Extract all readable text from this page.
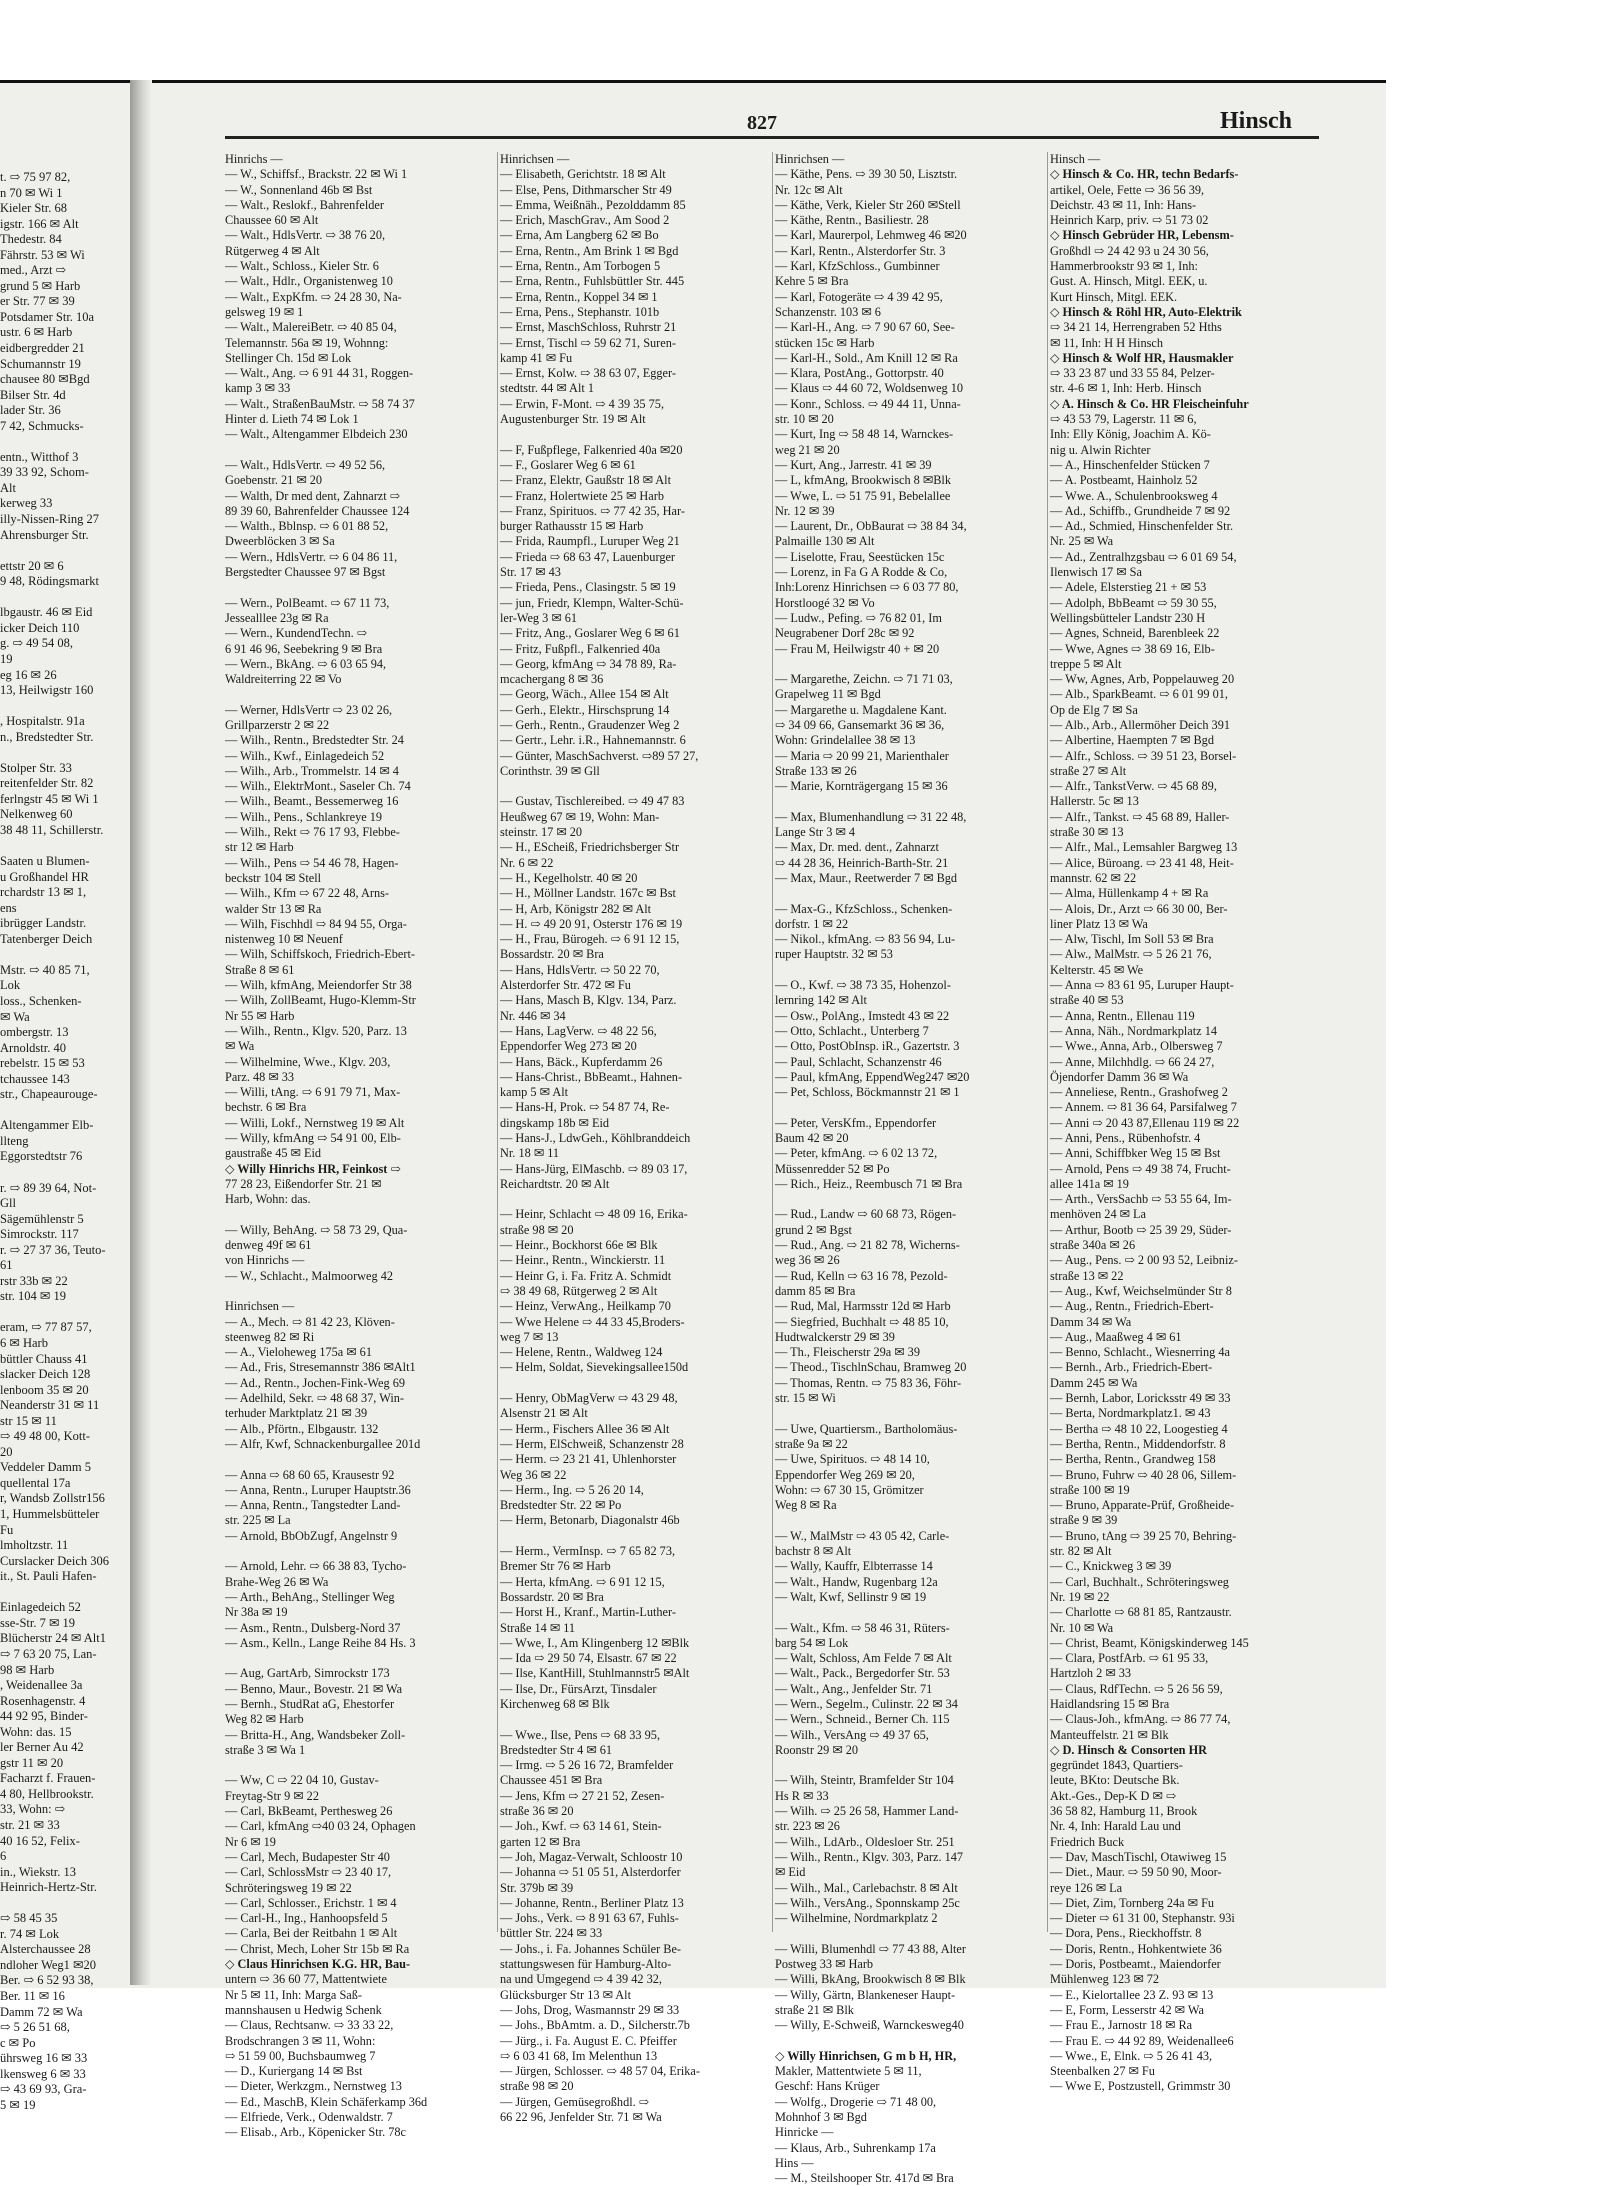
t. ⇨ 75 97 82,
n 70 ✉ Wi 1
Kieler Str. 68
igstr. 166 ✉ Alt
Thedestr. 84
Fährstr. 53 ✉ Wi
med., Arzt ⇨
grund 5 ✉ Harb
er Str. 77 ✉ 39
Potsdamer Str. 10a
ustr. 6 ✉ Harb
eidbergredder 21
Schumannstr 19
chausee 80 ✉Bgd
Bilser Str. 4d
lader Str. 36
7 42, Schmucks-

entn., Witthof 3
39 33 92, Schom-
Alt
kerweg 33
illy-Nissen-Ring 27
Ahrensburger Str.

ettstr 20 ✉ 6
9 48, Rödingsmarkt

lbgaustr. 46 ✉ Eid
icker Deich 110
g. ⇨ 49 54 08,
19
eg 16 ✉ 26
13, Heilwigstr 160

, Hospitalstr. 91a
n., Bredstedter Str.

Stolper Str. 33
reitenfelder Str. 82
ferlngstr 45 ✉ Wi 1
Nelkenweg 60
38 48 11, Schillerstr.

Saaten u Blumen-
u Großhandel HR
rchardstr 13 ✉ 1,
ens
ibrügger Landstr.
Tatenberger Deich

Mstr. ⇨ 40 85 71,
Lok
loss., Schenken-
✉ Wa
ombergstr. 13
Arnoldstr. 40
rebelstr. 15 ✉ 53
tchaussee 143
str., Chapeaurouge-

Altengammer Elb-
llteng
Eggorstedtstr 76

r. ⇨ 89 39 64, Not-
Gll
Sägemühlenstr 5
Simrockstr. 117
r. ⇨ 27 37 36, Teuto-
61
rstr 33b ✉ 22
str. 104 ✉ 19

eram, ⇨ 77 87 57,
6 ✉ Harb
büttler Chauss 41
slacker Deich 128
lenboom 35 ✉ 20
Neanderstr 31 ✉ 11
str 15 ✉ 11
⇨ 49 48 00, Kott-
20
Veddeler Damm 5
quellental 17a
r, Wandsb Zollstr156
1, Hummelsbütteler
Fu
lmholtzstr. 11
Curslacker Deich 306
it., St. Pauli Hafen-

Einlagedeich 52
sse-Str. 7 ✉ 19
Blücherstr 24 ✉ Alt1
⇨ 7 63 20 75, Lan-
98 ✉ Harb
, Weidenallee 3a
Rosenhagenstr. 4
44 92 95, Binder-
Wohn: das. 15
ler Berner Au 42
gstr 11 ✉ 20
Facharzt f. Frauen-
4 80, Hellbrookstr.
33, Wohn: ⇨
str. 21 ✉ 33
40 16 52, Felix-
6
in., Wiekstr. 13
Heinrich-Hertz-Str.

⇨ 58 45 35
r. 74 ✉ Lok
Alsterchaussee 28
ndloher Weg1 ✉20
Ber. ⇨ 6 52 93 38,
Ber. 11 ✉ 16
Damm 72 ✉ Wa
⇨ 5 26 51 68,
c ✉ Po
ührsweg 16 ✉ 33
lkensweg 6 ✉ 33
⇨ 43 69 93, Gra-
5 ✉ 19
827	Hinsch
Hinrichs —
— W., Schiffsf., Brackstr. 22 ✉ Wi 1
— W., Sonnenland 46b ✉ Bst
— Walt., Reslokf., Bahrenfelder
Chaussee 60 ✉ Alt
— Walt., HdlsVertr. ⇨ 38 76 20,
Rütgerweg 4 ✉ Alt
— Walt., Schloss., Kieler Str. 6
— Walt., Hdlr., Organistenweg 10
— Walt., ExpKfm. ⇨ 24 28 30, Na-
gelsweg 19 ✉ 1
— Walt., MalereiBetr. ⇨ 40 85 04,
Telemannstr. 56a ✉ 19, Wohnng:
Stellinger Ch. 15d ✉ Lok
— Walt., Ang. ⇨ 6 91 44 31, Roggen-
kamp 3 ✉ 33
— Walt., StraßenBauMstr. ⇨ 58 74 37
Hinter d. Lieth 74 ✉ Lok 1
— Walt., Altengammer Elbdeich 230

— Walt., HdlsVertr. ⇨ 49 52 56,
Goebenstr. 21 ✉ 20
— Walth, Dr med dent, Zahnarzt ⇨
89 39 60, Bahrenfelder Chaussee 124
— Walth., Bblnsp. ⇨ 6 01 88 52,
Dweerblöcken 3 ✉ Sa
— Wern., HdlsVertr. ⇨ 6 04 86 11,
Bergstedter Chaussee 97 ✉ Bgst

— Wern., PolBeamt. ⇨ 67 11 73,
Jessealllee 23g ✉ Ra
— Wern., KundendTechn. ⇨
6 91 46 96, Seebekring 9 ✉ Bra
— Wern., BkAng. ⇨ 6 03 65 94,
Waldreiterring 22 ✉ Vo

— Werner, HdlsVertr ⇨ 23 02 26,
Grillparzerstr 2 ✉ 22
— Wilh., Rentn., Bredstedter Str. 24
— Wilh., Kwf., Einlagedeich 52
— Wilh., Arb., Trommelstr. 14 ✉ 4
— Wilh., ElektrMont., Saseler Ch. 74
— Wilh., Beamt., Bessemerweg 16
— Wilh., Pens., Schlankreye 19
— Wilh., Rekt ⇨ 76 17 93, Flebbe-
str 12 ✉ Harb
— Wilh., Pens ⇨ 54 46 78, Hagen-
beckstr 104 ✉ Stell
— Wilh., Kfm ⇨ 67 22 48, Arns-
walder Str 13 ✉ Ra
— Wilh, Fischhdl ⇨ 84 94 55, Orga-
nistenweg 10 ✉ Neuenf
— Wilh, Schiffskoch, Friedrich-Ebert-
Straße 8 ✉ 61
— Wilh, kfmAng, Meiendorfer Str 38
— Wilh, ZollBeamt, Hugo-Klemm-Str
Nr 55 ✉ Harb
— Wilh., Rentn., Klgv. 520, Parz. 13
✉ Wa
— Wilhelmine, Wwe., Klgv. 203,
Parz. 48 ✉ 33
— Willi, tAng. ⇨ 6 91 79 71, Max-
bechstr. 6 ✉ Bra
— Willi, Lokf., Nernstweg 19 ✉ Alt
— Willy, kfmAng ⇨ 54 91 00, Elb-
gaustraße 45 ✉ Eid
◇ Willy Hinrichs HR, Feinkost ⇨
77 28 23, Eißendorfer Str. 21 ✉
Harb, Wohn: das.

— Willy, BehAng. ⇨ 58 73 29, Qua-
denweg 49f ✉ 61
von Hinrichs —
— W., Schlacht., Malmoorweg 42

Hinrichsen —
— A., Mech. ⇨ 81 42 23, Klöven-
steenweg 82 ✉ Ri
— A., Vieloheweg 175a ✉ 61
— Ad., Fris, Stresemannstr 386 ✉Alt1
— Ad., Rentn., Jochen-Fink-Weg 69
— Adelhild, Sekr. ⇨ 48 68 37, Win-
terhuder Marktplatz 21 ✉ 39
— Alb., Pförtn., Elbgaustr. 132
— Alfr, Kwf, Schnackenburgallee 201d

— Anna ⇨ 68 60 65, Krausestr 92
— Anna, Rentn., Luruper Hauptstr.36
— Anna, Rentn., Tangstedter Land-
str. 225 ✉ La
— Arnold, BbObZugf, Angelnstr 9

— Arnold, Lehr. ⇨ 66 38 83, Tycho-
Brahe-Weg 26 ✉ Wa
— Arth., BehAng., Stellinger Weg
Nr 38a ✉ 19
— Asm., Rentn., Dulsberg-Nord 37
— Asm., Kelln., Lange Reihe 84 Hs. 3

— Aug, GartArb, Simrockstr 173
— Benno, Maur., Bovestr. 21 ✉ Wa
— Bernh., StudRat aG, Ehestorfer
Weg 82 ✉ Harb
— Britta-H., Ang, Wandsbeker Zoll-
straße 3 ✉ Wa 1

— Ww, C ⇨ 22 04 10, Gustav-
Freytag-Str 9 ✉ 22
— Carl, BkBeamt, Perthesweg 26
— Carl, kfmAng ⇨40 03 24, Ophagen
Nr 6 ✉ 19
— Carl, Mech, Budapester Str 40
— Carl, SchlossMstr ⇨ 23 40 17,
Schröteringsweg 19 ✉ 22
— Carl, Schlosser., Erichstr. 1 ✉ 4
— Carl-H., Ing., Hanhoopsfeld 5
— Carla, Bei der Reitbahn 1 ✉ Alt
— Christ, Mech, Loher Str 15b ✉ Ra
◇ Claus Hinrichsen K.G. HR, Bau-
untern ⇨ 36 60 77, Mattentwiete
Nr 5 ✉ 11, Inh: Marga Saß-
mannshausen u Hedwig Schenk
— Claus, Rechtsanw. ⇨ 33 33 22,
Brodschrangen 3 ✉ 11, Wohn:
⇨ 51 59 00, Buchsbaumweg 7
— D., Kuriergang 14 ✉ Bst
— Dieter, Werkzgm., Nernstweg 13
— Ed., MaschB, Klein Schäferkamp 36d
— Elfriede, Verk., Odenwaldstr. 7
— Elisab., Arb., Köpenicker Str. 78c
Hinrichsen —
— Elisabeth, Gerichtstr. 18 ✉ Alt
— Else, Pens, Dithmarscher Str 49
— Emma, Weißnäh., Pezolddamm 85
— Erich, MaschGrav., Am Sood 2
— Erna, Am Langberg 62 ✉ Bo
— Erna, Rentn., Am Brink 1 ✉ Bgd
— Erna, Rentn., Am Torbogen 5
— Erna, Rentn., Fuhlsbüttler Str. 445
— Erna, Rentn., Koppel 34 ✉ 1
— Erna, Pens., Stephanstr. 101b
— Ernst, MaschSchloss, Ruhrstr 21
— Ernst, Tischl ⇨ 59 62 71, Suren-
kamp 41 ✉ Fu
— Ernst, Kolw. ⇨ 38 63 07, Egger-
stedtstr. 44 ✉ Alt 1
— Erwin, F-Mont. ⇨ 4 39 35 75,
Augustenburger Str. 19 ✉ Alt

— F, Fußpflege, Falkenried 40a ✉20
— F., Goslarer Weg 6 ✉ 61
— Franz, Elektr, Gaußstr 18 ✉ Alt
— Franz, Holertwiete 25 ✉ Harb
— Franz, Spirituos. ⇨ 77 42 35, Har-
burger Rathausstr 15 ✉ Harb
— Frida, Raumpfl., Luruper Weg 21
— Frieda ⇨ 68 63 47, Lauenburger
Str. 17 ✉ 43
— Frieda, Pens., Clasingstr. 5 ✉ 19
— jun, Friedr, Klempn, Walter-Schü-
ler-Weg 3 ✉ 61
— Fritz, Ang., Goslarer Weg 6 ✉ 61
— Fritz, Fußpfl., Falkenried 40a
— Georg, kfmAng ⇨ 34 78 89, Ra-
mcachergang 8 ✉ 36
— Georg, Wäch., Allee 154 ✉ Alt
— Gerh., Elektr., Hirschsprung 14
— Gerh., Rentn., Graudenzer Weg 2
— Gertr., Lehr. i.R., Hahnemannstr. 6
— Günter, MaschSachverst. ⇨89 57 27,
Corinthstr. 39 ✉ Gll

— Gustav, Tischlereibed. ⇨ 49 47 83
Heußweg 67 ✉ 19, Wohn: Man-
steinstr. 17 ✉ 20
— H., EScheiß, Friedrichsberger Str
Nr. 6 ✉ 22
— H., Kegelholstr. 40 ✉ 20
— H., Möllner Landstr. 167c ✉ Bst
— H, Arb, Königstr 282 ✉ Alt
— H. ⇨ 49 20 91, Osterstr 176 ✉ 19
— H., Frau, Bürogeh. ⇨ 6 91 12 15,
Bossardstr. 20 ✉ Bra
— Hans, HdlsVertr. ⇨ 50 22 70,
Alsterdorfer Str. 472 ✉ Fu
— Hans, Masch B, Klgv. 134, Parz.
Nr. 446 ✉ 34
— Hans, LagVerw. ⇨ 48 22 56,
Eppendorfer Weg 273 ✉ 20
— Hans, Bäck., Kupferdamm 26
— Hans-Christ., BbBeamt., Hahnen-
kamp 5 ✉ Alt
— Hans-H, Prok. ⇨ 54 87 74, Re-
dingskamp 18b ✉ Eid
— Hans-J., LdwGeh., Köhlbranddeich
Nr. 18 ✉ 11
— Hans-Jürg, ElMaschb. ⇨ 89 03 17,
Reichardtstr. 20 ✉ Alt

— Heinr, Schlacht ⇨ 48 09 16, Erika-
straße 98 ✉ 20
— Heinr., Bockhorst 66e ✉ Blk
— Heinr., Rentn., Winckierstr. 11
— Heinr G, i. Fa. Fritz A. Schmidt
⇨ 38 49 68, Rütgerweg 2 ✉ Alt
— Heinz, VerwAng., Heilkamp 70
— Wwe Helene ⇨ 44 33 45,Broders-
weg 7 ✉ 13
— Helene, Rentn., Waldweg 124
— Helm, Soldat, Sievekingsallee150d

— Henry, ObMagVerw ⇨ 43 29 48,
Alsenstr 21 ✉ Alt
— Herm., Fischers Allee 36 ✉ Alt
— Herm, ElSchweiß, Schanzenstr 28
— Herm. ⇨ 23 21 41, Uhlenhorster
Weg 36 ✉ 22
— Herm., Ing. ⇨ 5 26 20 14,
Bredstedter Str. 22 ✉ Po
— Herm, Betonarb, Diagonalstr 46b

— Herm., VermInsp. ⇨ 7 65 82 73,
Bremer Str 76 ✉ Harb
— Herta, kfmAng. ⇨ 6 91 12 15,
Bossardstr. 20 ✉ Bra
— Horst H., Kranf., Martin-Luther-
Straße 14 ✉ 11
— Wwe, I., Am Klingenberg 12 ✉Blk
— Ida ⇨ 29 50 74, Elsastr. 67 ✉ 22
— Ilse, KantHill, Stuhlmannstr5 ✉Alt
— Ilse, Dr., FürsArzt, Tinsdaler
Kirchenweg 68 ✉ Blk

— Wwe., Ilse, Pens ⇨ 68 33 95,
Bredstedter Str 4 ✉ 61
— Irmg. ⇨ 5 26 16 72, Bramfelder
Chaussee 451 ✉ Bra
— Jens, Kfm ⇨ 27 21 52, Zesen-
straße 36 ✉ 20
— Joh., Kwf. ⇨ 63 14 61, Stein-
garten 12 ✉ Bra
— Joh, Magaz-Verwalt, Schloostr 10
— Johanna ⇨ 51 05 51, Alsterdorfer
Str. 379b ✉ 39
— Johanne, Rentn., Berliner Platz 13
— Johs., Verk. ⇨ 8 91 63 67, Fuhls-
büttler Str. 224 ✉ 33
— Johs., i. Fa. Johannes Schüler Be-
stattungswesen für Hamburg-Alto-
na und Umgegend ⇨ 4 39 42 32,
Glücksburger Str 13 ✉ Alt
— Johs, Drog, Wasmannstr 29 ✉ 33
— Johs., BbAmtm. a. D., Silcherstr.7b
— Jürg., i. Fa. August E. C. Pfeiffer
⇨ 6 03 41 68, Im Melenthun 13
— Jürgen, Schlosser. ⇨ 48 57 04, Erika-
straße 98 ✉ 20
— Jürgen, Gemüsegroßhdl. ⇨
66 22 96, Jenfelder Str. 71 ✉ Wa
Hinrichsen —
— Käthe, Pens. ⇨ 39 30 50, Lisztstr.
Nr. 12c ✉ Alt
— Käthe, Verk, Kieler Str 260 ✉Stell
— Käthe, Rentn., Basiliestr. 28
— Karl, Maurerpol, Lehmweg 46 ✉20
— Karl, Rentn., Alsterdorfer Str. 3
— Karl, KfzSchloss., Gumbinner
Kehre 5 ✉ Bra
— Karl, Fotogeräte ⇨ 4 39 42 95,
Schanzenstr. 103 ✉ 6
— Karl-H., Ang. ⇨ 7 90 67 60, See-
stücken 15c ✉ Harb
— Karl-H., Sold., Am Knill 12 ✉ Ra
— Klara, PostAng., Gottorpstr. 40
— Klaus ⇨ 44 60 72, Woldsenweg 10
— Konr., Schloss. ⇨ 49 44 11, Unna-
str. 10 ✉ 20
— Kurt, Ing ⇨ 58 48 14, Warnckes-
weg 21 ✉ 20
— Kurt, Ang., Jarrestr. 41 ✉ 39
— L, kfmAng, Brookwisch 8 ✉Blk
— Wwe, L. ⇨ 51 75 91, Bebelallee
Nr. 12 ✉ 39
— Laurent, Dr., ObBaurat ⇨ 38 84 34,
Palmaille 130 ✉ Alt
— Liselotte, Frau, Seestücken 15c
— Lorenz, in Fa G A Rodde & Co,
Inh:Lorenz Hinrichsen ⇨ 6 03 77 80,
Horstloogé 32 ✉ Vo
— Ludw., Pefing. ⇨ 76 82 01, Im
Neugrabener Dorf 28c ✉ 92
— Frau M, Heilwigstr 40 + ✉ 20

— Margarethe, Zeichn. ⇨ 71 71 03,
Grapelweg 11 ✉ Bgd
— Margarethe u. Magdalene Kant.
⇨ 34 09 66, Gansemarkt 36 ✉ 36,
Wohn: Grindelallee 38 ✉ 13
— Maria ⇨ 20 99 21, Marienthaler
Straße 133 ✉ 26
— Marie, Kornträgergang 15 ✉ 36

— Max, Blumenhandlung ⇨ 31 22 48,
Lange Str 3 ✉ 4
— Max, Dr. med. dent., Zahnarzt
⇨ 44 28 36, Heinrich-Barth-Str. 21
— Max, Maur., Reetwerder 7 ✉ Bgd

— Max-G., KfzSchloss., Schenken-
dorfstr. 1 ✉ 22
— Nikol., kfmAng. ⇨ 83 56 94, Lu-
ruper Hauptstr. 32 ✉ 53

— O., Kwf. ⇨ 38 73 35, Hohenzol-
lernring 142 ✉ Alt
— Osw., PolAng., Imstedt 43 ✉ 22
— Otto, Schlacht., Unterberg 7
— Otto, PostObInsp. iR., Gazertstr. 3
— Paul, Schlacht, Schanzenstr 46
— Paul, kfmAng, EppendWeg247 ✉20
— Pet, Schloss, Böckmannstr 21 ✉ 1

— Peter, VersKfm., Eppendorfer
Baum 42 ✉ 20
— Peter, kfmAng. ⇨ 6 02 13 72,
Müssenredder 52 ✉ Po
— Rich., Heiz., Reembusch 71 ✉ Bra

— Rud., Landw ⇨ 60 68 73, Rögen-
grund 2 ✉ Bgst
— Rud., Ang. ⇨ 21 82 78, Wicherns-
weg 36 ✉ 26
— Rud, Kelln ⇨ 63 16 78, Pezold-
damm 85 ✉ Bra
— Rud, Mal, Harmsstr 12d ✉ Harb
— Siegfried, Buchhalt ⇨ 48 85 10,
Hudtwalckerstr 29 ✉ 39
— Th., Fleischerstr 29a ✉ 39
— Theod., TischlnSchau, Bramweg 20
— Thomas, Rentn. ⇨ 75 83 36, Föhr-
str. 15 ✉ Wi

— Uwe, Quartiersm., Bartholomäus-
straße 9a ✉ 22
— Uwe, Spirituos. ⇨ 48 14 10,
Eppendorfer Weg 269 ✉ 20,
Wohn: ⇨ 67 30 15, Grömitzer
Weg 8 ✉ Ra

— W., MalMstr ⇨ 43 05 42, Carle-
bachstr 8 ✉ Alt
— Wally, Kauffr, Elbterrasse 14
— Walt., Handw, Rugenbarg 12a
— Walt, Kwf, Sellinstr 9 ✉ 19

— Walt., Kfm. ⇨ 58 46 31, Rüters-
barg 54 ✉ Lok
— Walt, Schloss, Am Felde 7 ✉ Alt
— Walt., Pack., Bergedorfer Str. 53
— Walt., Ang., Jenfelder Str. 71
— Wern., Segelm., Culinstr. 22 ✉ 34
— Wern., Schneid., Berner Ch. 115
— Wilh., VersAng ⇨ 49 37 65,
Roonstr 29 ✉ 20

— Wilh, Steintr, Bramfelder Str 104
Hs R ✉ 33
— Wilh. ⇨ 25 26 58, Hammer Land-
str. 223 ✉ 26
— Wilh., LdArb., Oldesloer Str. 251
— Wilh., Rentn., Klgv. 303, Parz. 147
✉ Eid
— Wilh., Mal., Carlebachstr. 8 ✉ Alt
— Wilh., VersAng., Sponnskamp 25c
— Wilhelmine, Nordmarkplatz 2

— Willi, Blumenhdl ⇨ 77 43 88, Alter
Postweg 33 ✉ Harb
— Willi, BkAng, Brookwisch 8 ✉ Blk
— Willy, Gärtn, Blankeneser Haupt-
straße 21 ✉ Blk
— Willy, E-Schweiß, Warnckesweg40

◇ Willy Hinrichsen, G m b H, HR,
Makler, Mattentwiete 5 ✉ 11,
Geschf: Hans Krüger
— Wolfg., Drogerie ⇨ 71 48 00,
Mohnhof 3 ✉ Bgd
Hinricke —
— Klaus, Arb., Suhrenkamp 17a
Hins —
— M., Steilshooper Str. 417d ✉ Bra
Hinsch —
◇ Hinsch & Co. HR, techn Bedarfs-
artikel, Oele, Fette ⇨ 36 56 39,
Deichstr. 43 ✉ 11, Inh: Hans-
Heinrich Karp, priv. ⇨ 51 73 02
◇ Hinsch Gebrüder HR, Lebensm-
Großhdl ⇨ 24 42 93 u 24 30 56,
Hammerbrookstr 93 ✉ 1, Inh:
Gust. A. Hinsch, Mitgl. EEK, u.
Kurt Hinsch, Mitgl. EEK.
◇ Hinsch & Röhl HR, Auto-Elektrik
⇨ 34 21 14, Herrengraben 52 Hths
✉ 11, Inh: H H Hinsch
◇ Hinsch & Wolf HR, Hausmakler
⇨ 33 23 87 und 33 55 84, Pelzer-
str. 4-6 ✉ 1, Inh: Herb. Hinsch
◇ A. Hinsch & Co. HR Fleischeinfuhr
⇨ 43 53 79, Lagerstr. 11 ✉ 6,
Inh: Elly König, Joachim A. Kö-
nig u. Alwin Richter
— A., Hinschenfelder Stücken 7
— A. Postbeamt, Hainholz 52
— Wwe. A., Schulenbrooksweg 4
— Ad., Schiffb., Grundheide 7 ✉ 92
— Ad., Schmied, Hinschenfelder Str.
Nr. 25 ✉ Wa
— Ad., Zentralhzgsbau ⇨ 6 01 69 54,
Ilenwisch 17 ✉ Sa
— Adele, Elsterstieg 21 + ✉ 53
— Adolph, BbBeamt ⇨ 59 30 55,
Wellingsbütteler Landstr 230 H
— Agnes, Schneid, Barenbleek 22
— Wwe, Agnes ⇨ 38 69 16, Elb-
treppe 5 ✉ Alt
— Ww, Agnes, Arb, Poppelauweg 20
— Alb., SparkBeamt. ⇨ 6 01 99 01,
Op de Elg 7 ✉ Sa
— Alb., Arb., Allermöher Deich 391
— Albertine, Haempten 7 ✉ Bgd
— Alfr., Schloss. ⇨ 39 51 23, Borsel-
straße 27 ✉ Alt
— Alfr., TankstVerw. ⇨ 45 68 89,
Hallerstr. 5c ✉ 13
— Alfr., Tankst. ⇨ 45 68 89, Haller-
straße 30 ✉ 13
— Alfr., Mal., Lemsahler Bargweg 13
— Alice, Büroang. ⇨ 23 41 48, Heit-
mannstr. 62 ✉ 22
— Alma, Hüllenkamp 4 + ✉ Ra
— Alois, Dr., Arzt ⇨ 66 30 00, Ber-
liner Platz 13 ✉ Wa
— Alw, Tischl, Im Soll 53 ✉ Bra
— Alw., MalMstr. ⇨ 5 26 21 76,
Kelterstr. 45 ✉ We
— Anna ⇨ 83 61 95, Luruper Haupt-
straße 40 ✉ 53
— Anna, Rentn., Ellenau 119
— Anna, Näh., Nordmarkplatz 14
— Wwe., Anna, Arb., Olbersweg 7
— Anne, Milchhdlg. ⇨ 66 24 27,
Öjendorfer Damm 36 ✉ Wa
— Anneliese, Rentn., Grashofweg 2
— Annem. ⇨ 81 36 64, Parsifalweg 7
— Anni ⇨ 20 43 87,Ellenau 119 ✉ 22
— Anni, Pens., Rübenhofstr. 4
— Anni, Schiffbker Weg 15 ✉ Bst
— Arnold, Pens ⇨ 49 38 74, Frucht-
allee 141a ✉ 19
— Arth., VersSachb ⇨ 53 55 64, Im-
menhöven 24 ✉ La
— Arthur, Bootb ⇨ 25 39 29, Süder-
straße 340a ✉ 26
— Aug., Pens. ⇨ 2 00 93 52, Leibniz-
straße 13 ✉ 22
— Aug., Kwf, Weichselmünder Str 8
— Aug., Rentn., Friedrich-Ebert-
Damm 34 ✉ Wa
— Aug., Maaßweg 4 ✉ 61
— Benno, Schlacht., Wiesnerring 4a
— Bernh., Arb., Friedrich-Ebert-
Damm 245 ✉ Wa
— Bernh, Labor, Loricksstr 49 ✉ 33
— Berta, Nordmarkplatz1. ✉ 43
— Bertha ⇨ 48 10 22, Loogestieg 4
— Bertha, Rentn., Middendorfstr. 8
— Bertha, Rentn., Grandweg 158
— Bruno, Fuhrw ⇨ 40 28 06, Sillem-
straße 100 ✉ 19
— Bruno, Apparate-Prüf, Großheide-
straße 9 ✉ 39
— Bruno, tAng ⇨ 39 25 70, Behring-
str. 82 ✉ Alt
— C., Knickweg 3 ✉ 39
— Carl, Buchhalt., Schröteringsweg
Nr. 19 ✉ 22
— Charlotte ⇨ 68 81 85, Rantzaustr.
Nr. 10 ✉ Wa
— Christ, Beamt, Königskinderweg 145
— Clara, PostfArb. ⇨ 61 95 33,
Hartzloh 2 ✉ 33
— Claus, RdfTechn. ⇨ 5 26 56 59,
Haidlandsring 15 ✉ Bra
— Claus-Joh., kfmAng. ⇨ 86 77 74,
Manteuffelstr. 21 ✉ Blk
◇ D. Hinsch & Consorten HR
gegründet 1843, Quartiers-
leute, BKto: Deutsche Bk.
Akt.-Ges., Dep-K D ✉ ⇨
36 58 82, Hamburg 11, Brook
Nr. 4, Inh: Harald Lau und
Friedrich Buck
— Dav, MaschTischl, Otawiweg 15
— Diet., Maur. ⇨ 59 50 90, Moor-
reye 126 ✉ La
— Diet, Zim, Tornberg 24a ✉ Fu
— Dieter ⇨ 61 31 00, Stephanstr. 93i
— Dora, Pens., Rieckhoffstr. 8
— Doris, Rentn., Hohkentwiete 36
— Doris, Postbeamt., Maiendorfer
Mühlenweg 123 ✉ 72
— E., Kielortallee 23 Z. 93 ✉ 13
— E, Form, Lesserstr 42 ✉ Wa
— Frau E., Jarnostr 18 ✉ Ra
— Frau E. ⇨ 44 92 89, Weidenallee6
— Wwe., E, Elnk. ⇨ 5 26 41 43,
Steenbalken 27 ✉ Fu
— Wwe E, Postzustell, Grimmstr 30
